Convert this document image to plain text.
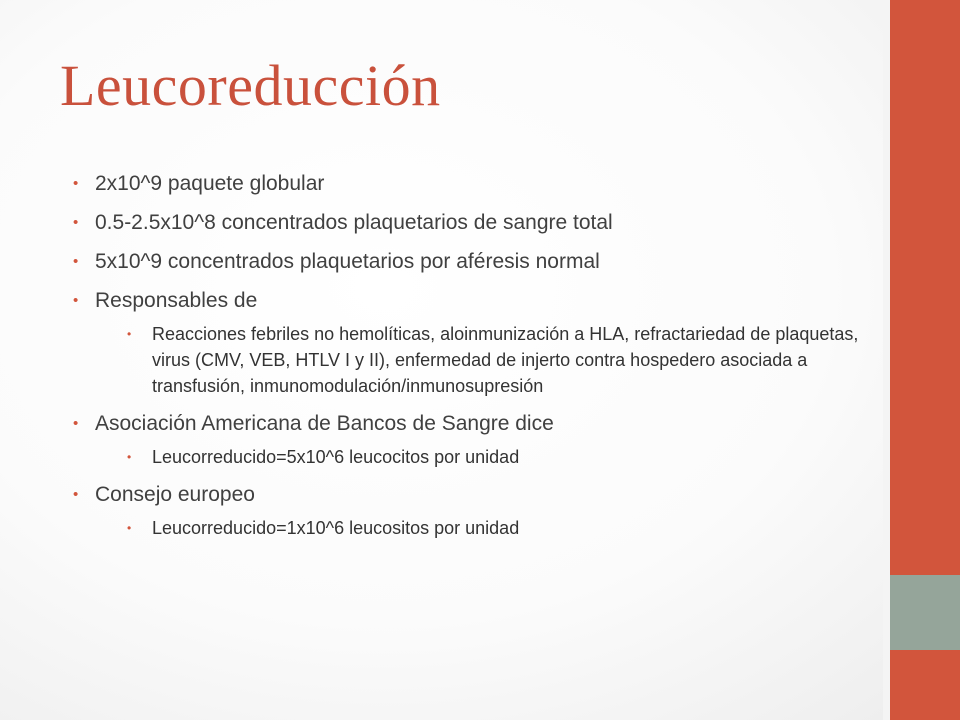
Leucoreducción
• 2x10^9 paquete globular
• 0.5-2.5x10^8 concentrados plaquetarios de sangre total
• 5x10^9 concentrados plaquetarios por aféresis normal
• Responsables de
• Reacciones febriles no hemolíticas, aloinmunización a HLA, refractariedad de plaquetas, virus (CMV, VEB, HTLV I y II), enfermedad de injerto contra hospedero asociada a transfusión, inmunomodulación/inmunosupresión
• Asociación Americana de Bancos de Sangre dice
• Leucorreducido=5x10^6 leucocitos por unidad
• Consejo europeo
• Leucorreducido=1x10^6 leucositos por unidad
